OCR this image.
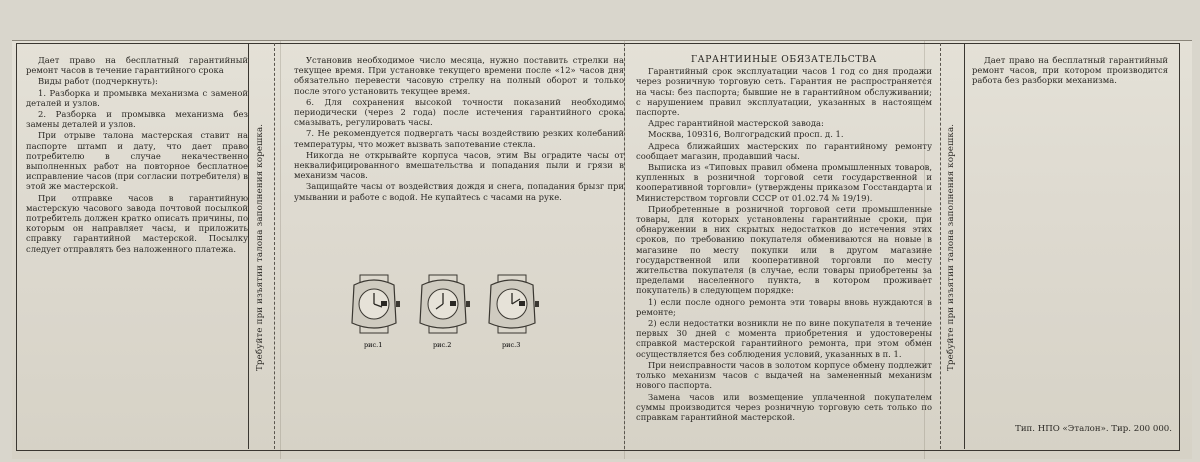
Дает право на бесплатный гарантийный ремонт часов в течение гарантийного срока

Виды работ (подчеркнуть):

1. Разборка и промывка механизма с заменой деталей и узлов.

2. Разборка и промывка механизма без замены деталей и узлов.

При отрыве талона мастерская ставит на паспорте штамп и дату, что дает право потребителю в случае некачественно выполненных работ на повторное бесплатное исправление часов (при согласии потребителя) в этой же мастерской.

При отправке часов в гарантийную мастерскую часового завода почтовой посылкой потребитель должен кратко описать причины, по которым он направляет часы, и приложить справку гарантийной мастерской. Посылку следует отправлять без наложенного платежа.	Требуйте при изъятии талона заполнения корешка.

Установив необходимое число месяца, нужно поставить стрелки на текущее время. При установке текущего времени после «12» часов дня обязательно перевести часовую стрелку на полный оборот и только после этого установить текущее время.

6. Для сохранения высокой точности показаний необходимо периодически (через 2 года) после истечения гарантийного срока смазывать, регулировать часы.

7. Не рекомендуется подвергать часы воздействию резких колебаний температуры, что может вызвать запотевание стекла.

Никогда не открывайте корпуса часов, этим Вы оградите часы от неквалифицированного вмешательства и попадания пыли и грязи в механизм часов.

Защищайте часы от воздействия дождя и снега, попадания брызг при умывании и работе с водой. Не купайтесь с часами на руке.

рис.1	рис.2	рис.3

ГАРАНТИЙНЫЕ ОБЯЗАТЕЛЬСТВА

Гарантийный срок эксплуатации часов 1 год со дня продажи через розничную торговую сеть. Гарантия не распространяется на часы: без паспорта; бывшие не в гарантийном обслуживании; с нарушением правил эксплуатации, указанных в настоящем паспорте.

Адрес гарантийной мастерской завода:

Москва, 109316, Волгоградский просп. д. 1.

Адреса ближайших мастерских по гарантийному ремонту сообщает магазин, продавший часы.

Выписка из «Типовых правил обмена промышленных товаров, купленных в розничной торговой сети государственной и кооперативной торговли» (утверждены приказом Госстандарта и Министерством торговли СССР от 01.02.74 № 19/19).

Приобретенные в розничной торговой сети промышленные товары, для которых установлены гарантийные сроки, при обнаружении в них скрытых недостатков до истечения этих сроков, по требованию покупателя обмениваются на новые в магазине по месту покупки или в другом магазине государственной или кооперативной торговли по месту жительства покупателя (в случае, если товары приобретены за пределами населенного пункта, в котором проживает покупатель) в следующем порядке:

1) если после одного ремонта эти товары вновь нуждаются в ремонте;

2) если недостатки возникли не по вине покупателя в течение первых 30 дней с момента приобретения и удостоверены справкой мастерской гарантийного ремонта, при этом обмен осуществляется без соблюдения условий, указанных в п. 1.

При неисправности часов в золотом корпусе обмену подлежит только механизм часов с выдачей на замененный механизм нового паспорта.

Замена часов или возмещение уплаченной покупателем суммы производится через розничную торговую сеть только по справкам гарантийной мастерской.

Требуйте при изъятии талона заполнения корешка.

Дает право на бесплатный гарантийный ремонт часов, при котором производится работа без разборки механизма.

Тип. НПО «Эталон». Тир. 200 000.
